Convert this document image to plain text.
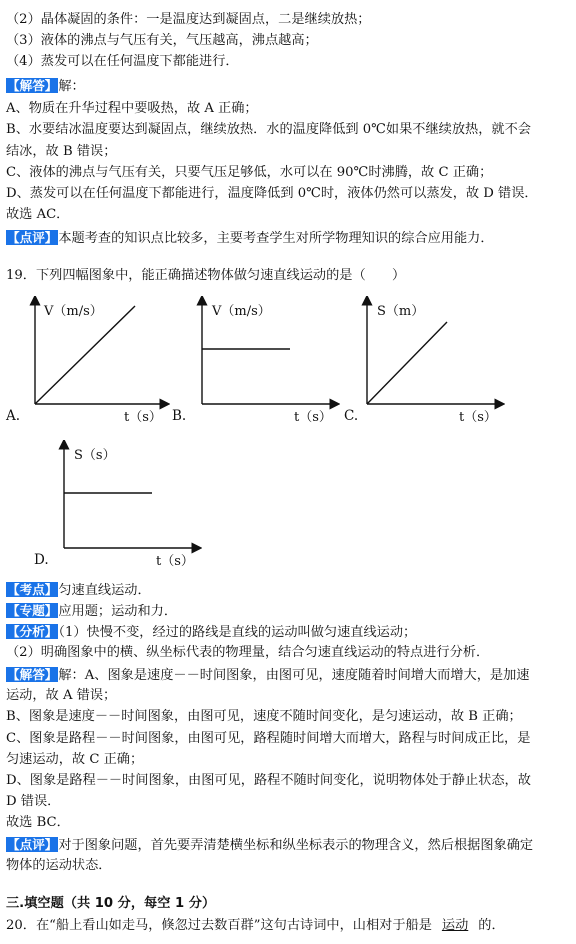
（2）晶体凝固的条件：一是温度达到凝固点，二是继续放热；
（3）液体的沸点与气压有关，气压越高，沸点越高；
（4）蒸发可以在任何温度下都能进行．
【解答】解：
A、物质在升华过程中要吸热，故 A 正确；
B、水要结冰温度要达到凝固点，继续放热．水的温度降低到 0℃如果不继续放热，就不会
结冰，故 B 错误；
C、液体的沸点与气压有关，只要气压足够低，水可以在 90℃时沸腾，故 C 正确；
D、蒸发可以在任何温度下都能进行，温度降低到 0℃时，液体仍然可以蒸发，故 D 错误．
故选 AC．
【点评】本题考查的知识点比较多，主要考查学生对所学物理知识的综合应用能力．
19．下列四幅图象中，能正确描述物体做匀速直线运动的是（　　）
V（m/s）
t（s）
A.
V（m/s）
t（s）
B.
S（m）
t（s）
C.
S（s）
t（s）
D.
【考点】匀速直线运动．
【专题】应用题；运动和力．
【分析】（1）快慢不变，经过的路线是直线的运动叫做匀速直线运动；
（2）明确图象中的横、纵坐标代表的物理量，结合匀速直线运动的特点进行分析．
【解答】解：A、图象是速度－－时间图象，由图可见，速度随着时间增大而增大，是加速
运动，故 A 错误；
B、图象是速度－－时间图象，由图可见，速度不随时间变化，是匀速运动，故 B 正确；
C、图象是路程－－时间图象，由图可见，路程随时间增大而增大，路程与时间成正比，是
匀速运动，故 C 正确；
D、图象是路程－－时间图象，由图可见，路程不随时间变化，说明物体处于静止状态，故
D 错误．
故选 BC．
【点评】对于图象问题，首先要弄清楚横坐标和纵坐标表示的物理含义，然后根据图象确定
物体的运动状态．
三.填空题（共 10 分，每空 1 分）
20．在“船上看山如走马，倏忽过去数百群”这句古诗词中，山相对于船是 运动 的．
